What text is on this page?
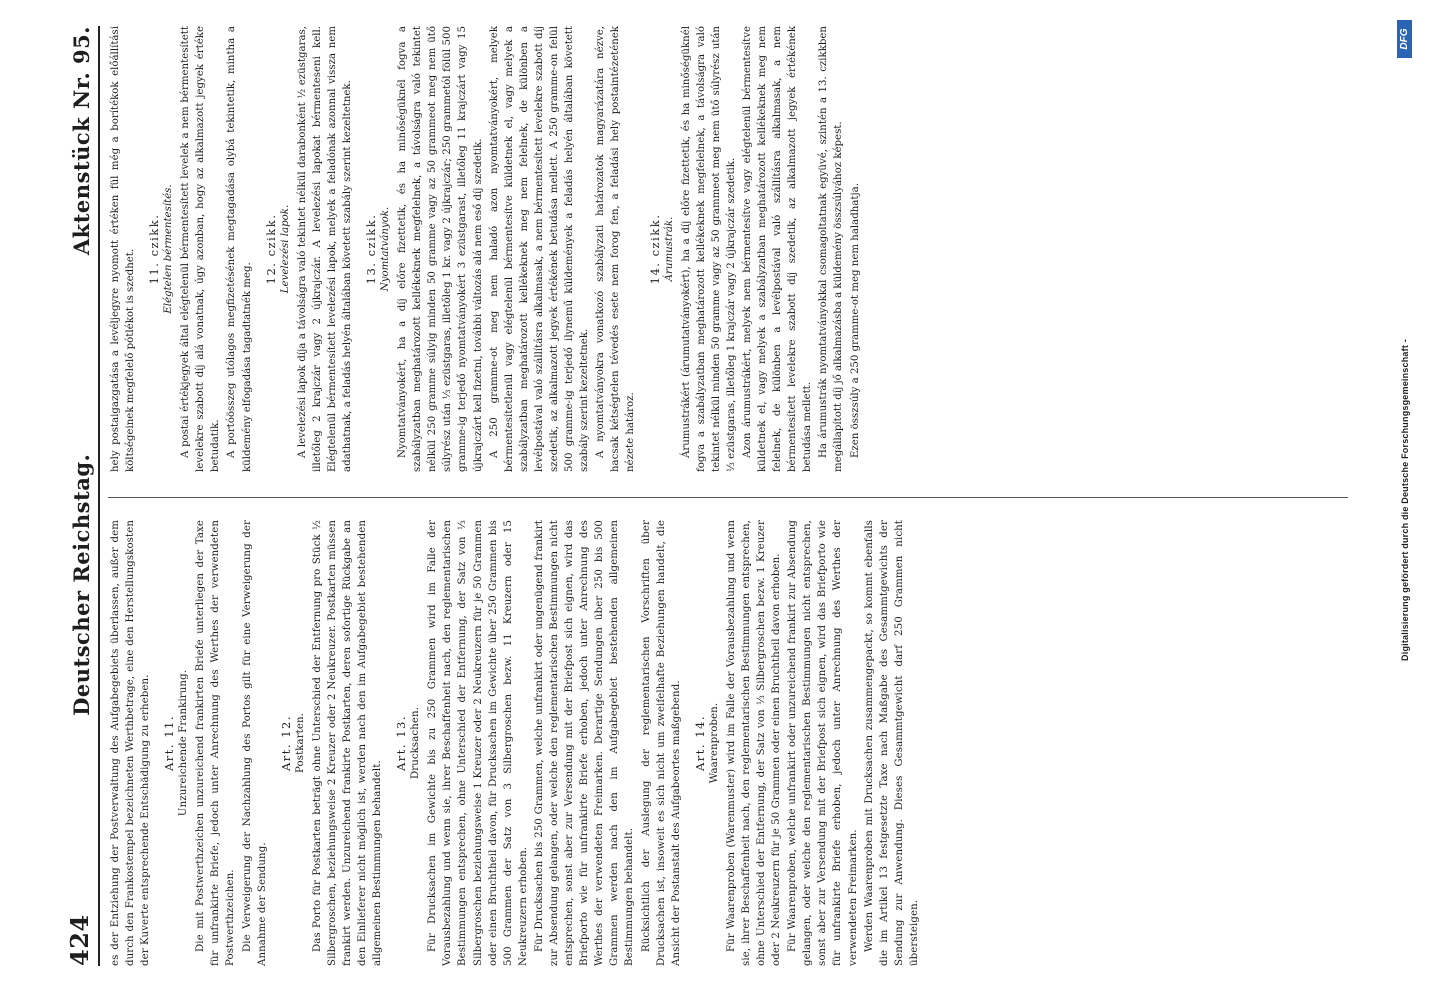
424
Deutscher Reichstag.
Aktenstück Nr. 95.

es der Entziehung der Postverwaltung des Aufgabegebiets überlassen, außer dem durch den Frankostempel bezeichneten Werthbetrage, eine den Herstellungskosten der Kuverte entsprechende Entschädigung zu erheben. Art. 11. Unzureichende Frankirung. Die mit Postwerthzeichen unzureichend frankirten Briefe unterliegen der Taxe für unfrankirte Briefe, jedoch unter Anrechnung des Werthes der verwendeten Postwerthzeichen. Die Verweigerung der Nachzahlung des Portos gilt für eine Verweigerung der Annahme der Sendung.

Art. 12. Postkarten. Das Porto für Postkarten beträgt ohne Unterschied der Entfernung pro Stück ½ Silbergroschen, beziehungsweise 2 Kreuzer oder 2 Neukreuzer. Postkarten müssen frankirt werden. Unzureichend frankirte Postkarten, deren sofortige Rückgabe an den Einlieferer nicht möglich ist, werden nach den im Aufgabegebiet bestehenden allgemeinen Bestimmungen behandelt.

Art. 13. Drucksachen. Für Drucksachen im Gewichte bis zu 250 Grammen wird im Falle der Vorausbezahlung und wenn sie, ihrer Beschaffenheit nach, den reglementarischen Bestimmungen entsprechen, ohne Unterschied der Entfernung, der Satz von ⅓ Silbergroschen beziehungsweise 1 Kreuzer oder 2 Neukreuzern für je 50 Grammen oder einen Bruchtheil davon, für Drucksachen im Gewichte über 250 Grammen bis 500 Grammen der Satz von 3 Silbergroschen bezw. 11 Kreuzern oder 15 Neukreuzern erhoben. Für Drucksachen bis 250 Grammen, welche unfrankirt oder ungenügend frankirt zur Absendung gelangen, oder welche den reglementarischen Bestimmungen nicht entsprechen, sonst aber zur Versendung mit der Briefpost sich eignen, wird das Briefporto wie für unfrankirte Briefe erhoben, jedoch unter Anrechnung des Werthes der verwendeten Freimarken. Derartige Sendungen über 250 bis 500 Grammen werden nach den im Aufgabegebiet bestehenden allgemeinen Bestimmungen behandelt. Rücksichtlich der Auslegung der reglementarischen Vorschriften über Drucksachen ist, insoweit es sich nicht um zweifelhafte Beziehungen handelt, die Ansicht der Postanstalt des Aufgabeortes maßgebend. Art. 14. Waarenproben. Für Waarenproben (Warenmuster) wird im Falle der Vorausbezahlung und wenn sie, ihrer Beschaffenheit nach, den reglementarischen Bestimmungen entsprechen, ohne Unterschied der Entfernung, der Satz von ⅓ Silbergroschen bezw. 1 Kreuzer oder 2 Neukreuzern für je 50 Grammen oder einen Bruchtheil davon erhoben. Für Waarenproben, welche unfrankirt oder unzureichend frankirt zur Absendung gelangen, oder welche den reglementarischen Bestimmungen nicht entsprechen, sonst aber zur Versendung mit der Briefpost sich eignen, wird das Briefporto wie für unfrankirte Briefe erhoben, jedoch unter Anrechnung des Werthes der verwendeten Freimarken. Werden Waarenproben mit Drucksachen zusammengepackt, so kommt ebenfalls die im Artikel 13 festgesetzte Taxe nach Maßgabe des Gesammtgewichts der Sendung zur Anwendung. Dieses Gesammtgewicht darf 250 Grammen nicht übersteigen.

hely postaigazgatása a levéljegyre nyomott értéken fül még a borítékok előállítási költségeinek megfelelő pótlékot is szedhet. 11. czikk. Elégtelen bérmentesítés. A postai értékjegyek által elégtelenül bérmentesített levelek a nem bérmentesített levelekre szabott díj alá vonatnak, úgy azonban, hogy az alkalmazott jegyek értéke betudatik. A portóösszeg utólagos megfizetésének megtagadása olybá tekintetik, mintha a küldemény elfogadása tagadtatnék meg.

12. czikk. Levelezési lapok. A levelezési lapok díja a távolságra való tekintet nélkül darabonként ½ ezüstgaras, illetőleg 2 krajczár vagy 2 újkrajczár. A levelezési lapokat bérmenteseni kell. Elégtelenül bérmentesített levelezési lapok, melyek a feladónak azonnal vissza nem adathatnak, a feladás helyén általában követett szabály szerint kezeltetnek. 13. czikk. Nyomtatványok. Nyomtatványokért, ha a díj előre fizettetik, és ha minőségüknél fogva a szabályzatban meghatározott kellékeknek megfelelnek, a távolságra való tekintet nélkül 250 gramme súlyig minden 50 gramme vagy az 50 grammeot meg nem ütő súlyrész után ⅓ ezüstgaras, illetőleg 1 kr. vagy 2 újkrajczár; 250 grammetól fölül 500 gramme-ig terjedő nyomtatványokért 3 ezüstgarast, illetőleg 11 krajczárt vagy 15 újkrajczárt kell fizetni, további változás alá nem eső díj szedetik. A 250 gramme-ot meg nem haladó azon nyomtatványokért, melyek bérmentesítetlenül vagy elégtelenül bérmentesítve küldetnek el, vagy melyek a szabályzatban meghatározott kellékeknek meg nem felelnek, de különben a levélpostával való szállításra alkalmasak, a nem bérmentesített levelekre szabott díj szedetik, az alkalmazott jegyek értékének betudása mellett. A 250 gramme-on felül 500 gramme-ig terjedő ilynemű küldemények a feladás helyén általában követett szabály szerint kezeltetnek. A nyomtatványokra vonatkozó szabályzati határozatok magyarázatára nézve, hacsak kétségtelen tévedés esete nem forog fen, a feladási hely postaintézetének nézete határoz.

14. czikk. Árumustrák. Árumustrákért (árumutatványokért), ha a díj előre fizettetik, és ha minőségüknél fogva a szabályzatban meghatározott kellékeknek megfelelnek, a távolságra való tekintet nélkül minden 50 gramme vagy az 50 grammeot meg nem ütő súlyrész után ⅓ ezüstgaras, illetőleg 1 krajczár vagy 2 újkrajczár szedetik. Azon árumustrákért, melyek nem bérmentesítve vagy elégtelenül bérmentesítve küldetnek el, vagy melyek a szabályzatban meghatározott kellékeknek meg nem felelnek, de különben a levélpostával való szállításra alkalmasak, a nem bérmentesített levelekre szabott díj szedetik, az alkalmazott jegyek értékének betudása mellett. Ha árumustrák nyomtatványokkal csomagoltatnak együvé, szintén a 13. czikkben megállapított díj jő alkalmazásba a küldemény összsúlyához képest. Ezen összsúly a 250 gramme-ot meg nem haladhatja.

Digitalisierung gefördert durch die Deutsche Forschungsgemeinschaft -
DFG
